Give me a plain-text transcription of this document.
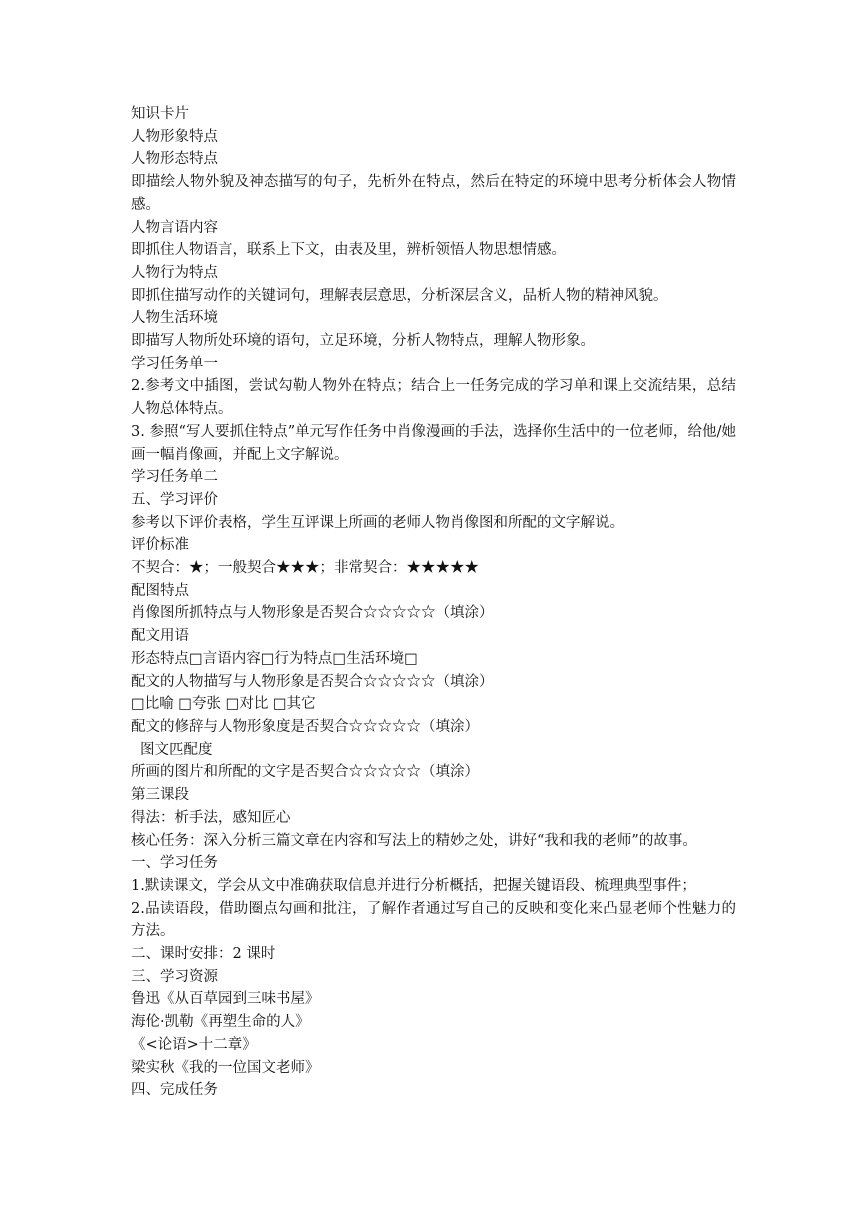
知识卡片
人物形象特点
人物形态特点
即描绘人物外貌及神态描写的句子，先析外在特点，然后在特定的环境中思考分析体会人物情感。
人物言语内容
即抓住人物语言，联系上下文，由表及里，辨析领悟人物思想情感。
人物行为特点
即抓住描写动作的关键词句，理解表层意思，分析深层含义，品析人物的精神风貌。
人物生活环境
即描写人物所处环境的语句，立足环境，分析人物特点，理解人物形象。
学习任务单一
2.参考文中插图，尝试勾勒人物外在特点；结合上一任务完成的学习单和课上交流结果，总结人物总体特点。
3. 参照“写人要抓住特点”单元写作任务中肖像漫画的手法，选择你生活中的一位老师，给他/她画一幅肖像画，并配上文字解说。
学习任务单二
五、学习评价
参考以下评价表格，学生互评课上所画的老师人物肖像图和所配的文字解说。
评价标准
不契合：★；一般契合★★★；非常契合：★★★★★
配图特点
肖像图所抓特点与人物形象是否契合☆☆☆☆☆（填涂）
配文用语
形态特点□言语内容□行为特点□生活环境□
配文的人物描写与人物形象是否契合☆☆☆☆☆（填涂）
□比喻 □夸张 □对比 □其它
配文的修辞与人物形象度是否契合☆☆☆☆☆（填涂）
图文匹配度
所画的图片和所配的文字是否契合☆☆☆☆☆（填涂）
第三课段
得法：析手法，感知匠心
核心任务：深入分析三篇文章在内容和写法上的精妙之处，讲好“我和我的老师”的故事。
一、学习任务
1.默读课文，学会从文中准确获取信息并进行分析概括，把握关键语段、梳理典型事件；
2.品读语段，借助圈点勾画和批注，了解作者通过写自己的反映和变化来凸显老师个性魅力的方法。
二、课时安排：2 课时
三、学习资源
鲁迅《从百草园到三味书屋》
海伦·凯勒《再塑生命的人》
《<论语>十二章》
梁实秋《我的一位国文老师》
四、完成任务
